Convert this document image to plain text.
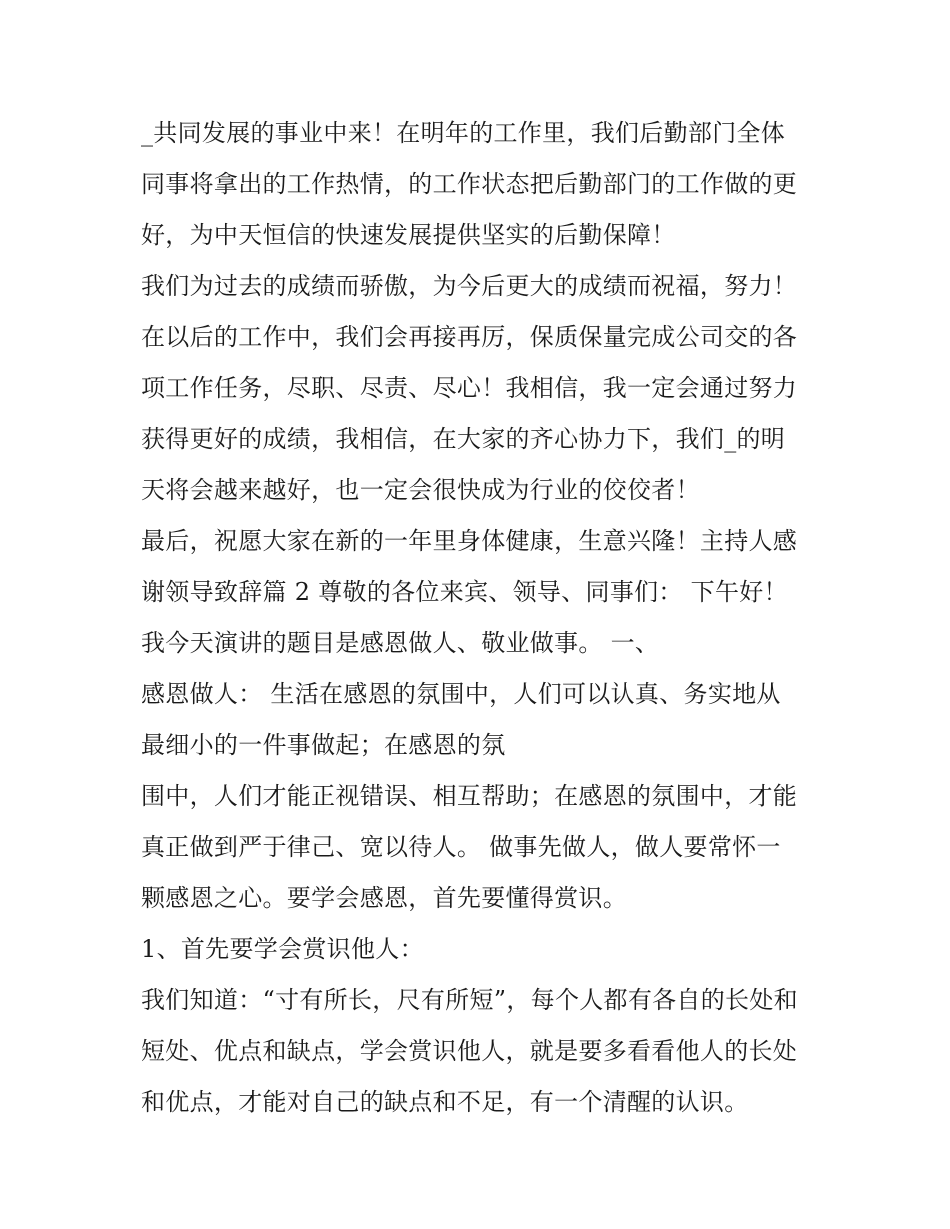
_共同发展的事业中来！在明年的工作里，我们后勤部门全体
同事将拿出的工作热情，的工作状态把后勤部门的工作做的更
好，为中天恒信的快速发展提供坚实的后勤保障！
我们为过去的成绩而骄傲，为今后更大的成绩而祝福，努力！
在以后的工作中，我们会再接再厉，保质保量完成公司交的各
项工作任务，尽职、尽责、尽心！我相信，我一定会通过努力
获得更好的成绩，我相信，在大家的齐心协力下，我们_的明
天将会越来越好，也一定会很快成为行业的佼佼者！
最后，祝愿大家在新的一年里身体健康，生意兴隆！主持人感
谢领导致辞篇 2 尊敬的各位来宾、领导、同事们： 下午好！
我今天演讲的题目是感恩做人、敬业做事。 一、
感恩做人： 生活在感恩的氛围中，人们可以认真、务实地从
最细小的一件事做起；在感恩的氛
围中，人们才能正视错误、相互帮助；在感恩的氛围中，才能
真正做到严于律己、宽以待人。 做事先做人，做人要常怀一
颗感恩之心。要学会感恩，首先要懂得赏识。
1、首先要学会赏识他人：
我们知道：“寸有所长，尺有所短”，每个人都有各自的长处和
短处、优点和缺点，学会赏识他人，就是要多看看他人的长处
和优点，才能对自己的缺点和不足，有一个清醒的认识。
